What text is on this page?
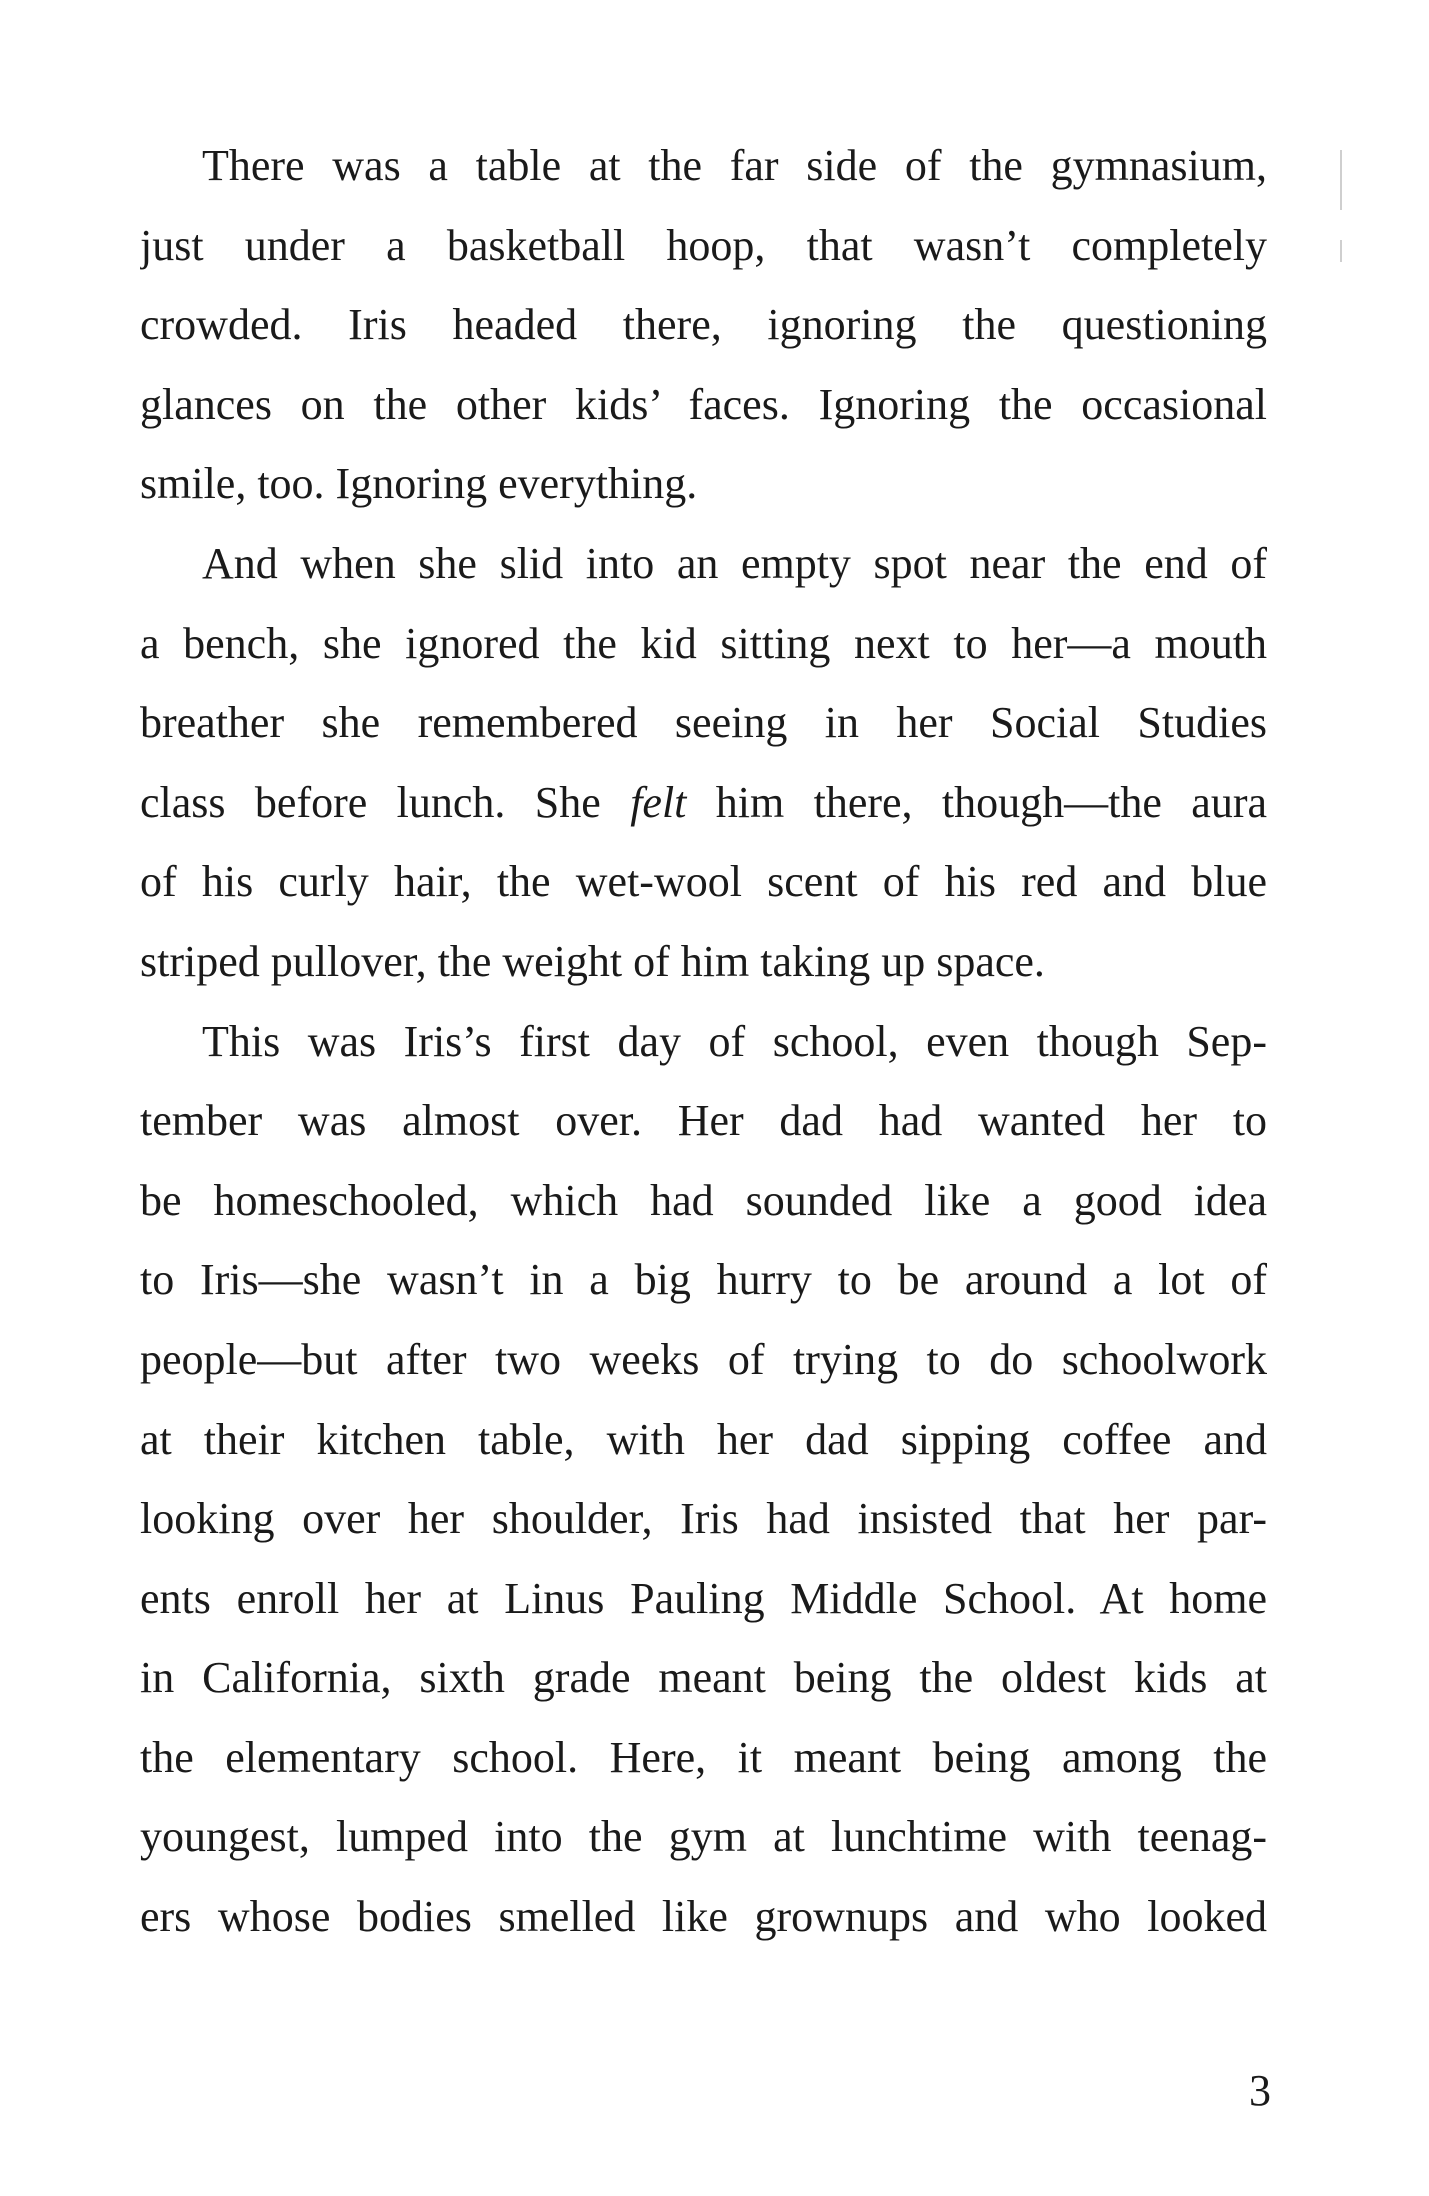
There was a table at the far side of the gymnasium,
just under a basketball hoop, that wasn’t completely
crowded. Iris headed there, ignoring the questioning
glances on the other kids’ faces. Ignoring the occasional
smile, too. Ignoring everything.
And when she slid into an empty spot near the end of
a bench, she ignored the kid sitting next to her—a mouth
breather she remembered seeing in her Social Studies
class before lunch. She felt him there, though—the aura
of his curly hair, the wet-wool scent of his red and blue
striped pullover, the weight of him taking up space.
This was Iris’s first day of school, even though Sep-
tember was almost over. Her dad had wanted her to
be homeschooled, which had sounded like a good idea
to Iris—she wasn’t in a big hurry to be around a lot of
people—but after two weeks of trying to do schoolwork
at their kitchen table, with her dad sipping coffee and
looking over her shoulder, Iris had insisted that her par-
ents enroll her at Linus Pauling Middle School. At home
in California, sixth grade meant being the oldest kids at
the elementary school. Here, it meant being among the
youngest, lumped into the gym at lunchtime with teenag-
ers whose bodies smelled like grownups and who looked
3
